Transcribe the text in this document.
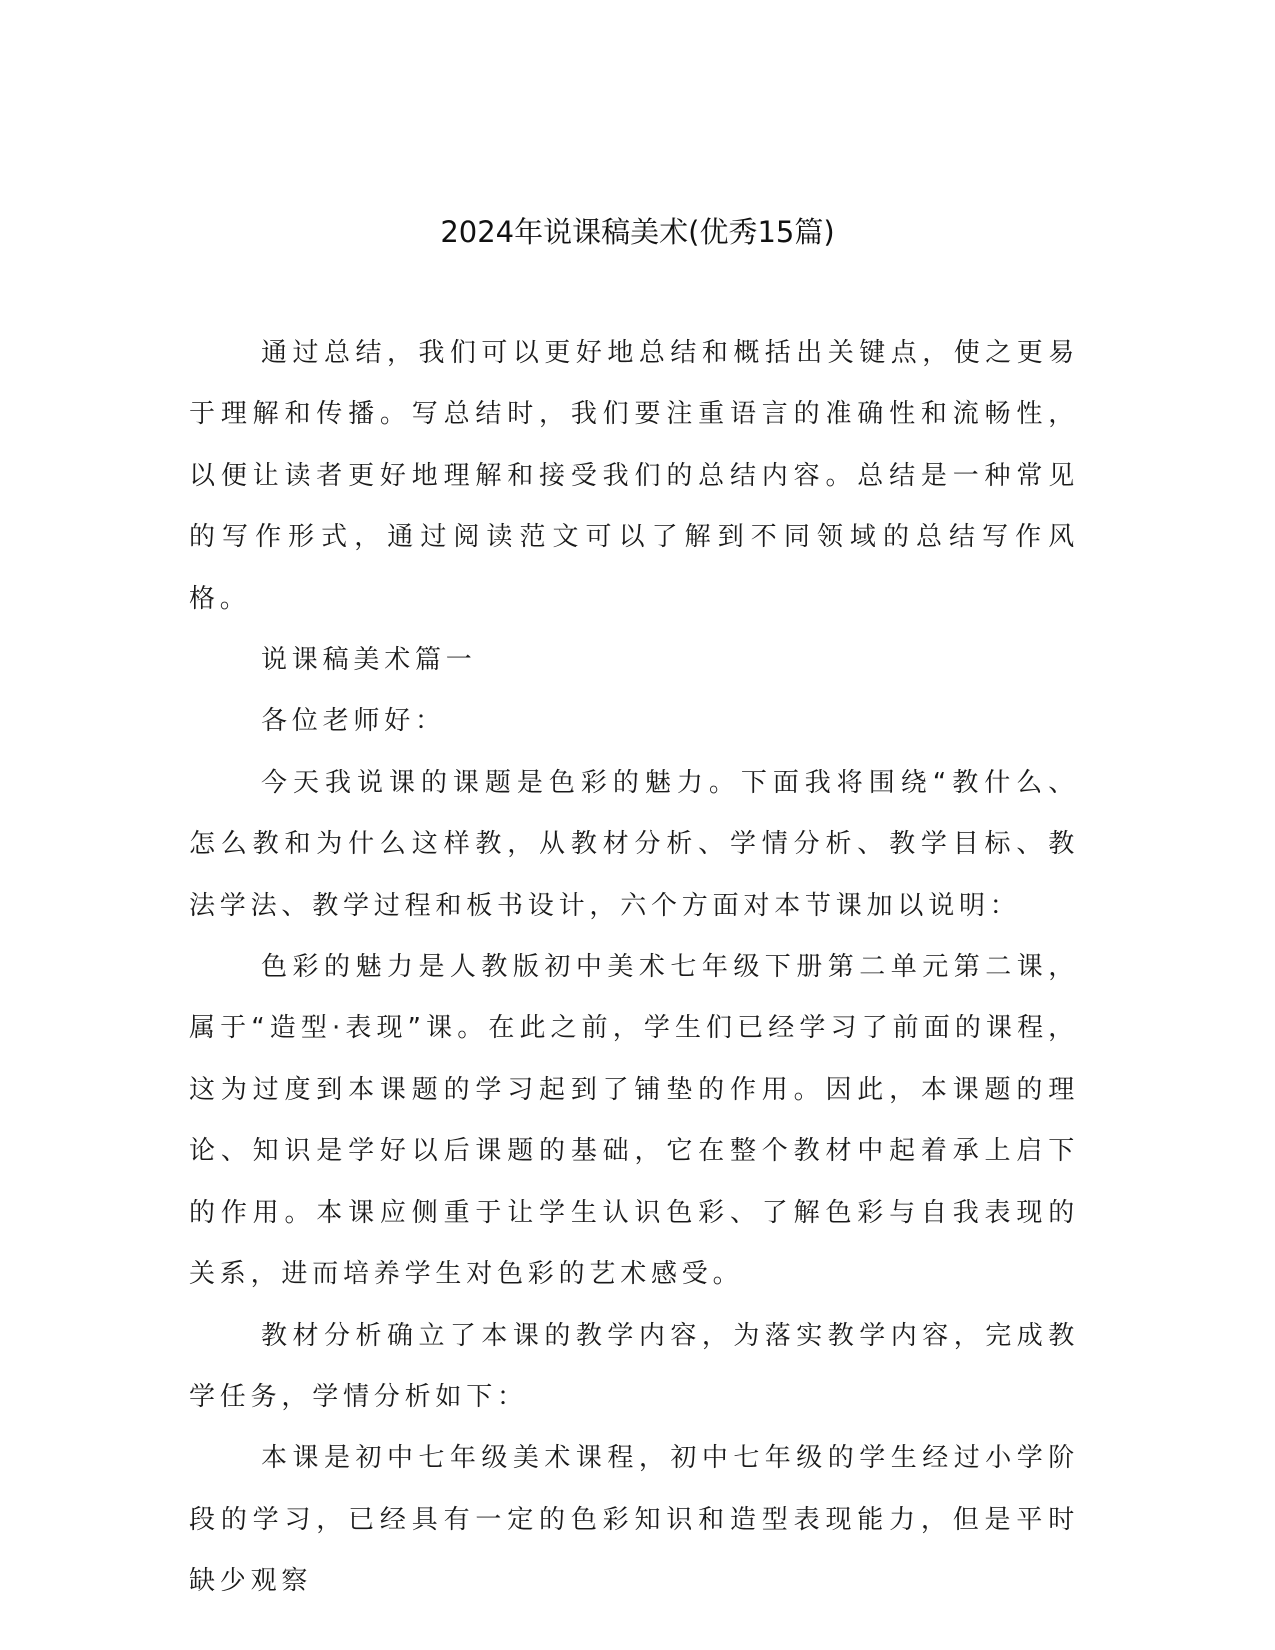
2024年说课稿美术(优秀15篇)

通过总结，我们可以更好地总结和概括出关键点，使之更易于理解和传播。写总结时，我们要注重语言的准确性和流畅性，以便让读者更好地理解和接受我们的总结内容。总结是一种常见的写作形式，通过阅读范文可以了解到不同领域的总结写作风格。

说课稿美术篇一

各位老师好：

今天我说课的课题是色彩的魅力。下面我将围绕“教什么、怎么教和为什么这样教，从教材分析、学情分析、教学目标、教法学法、教学过程和板书设计，六个方面对本节课加以说明：

色彩的魅力是人教版初中美术七年级下册第二单元第二课，属于“造型·表现”课。在此之前，学生们已经学习了前面的课程，这为过度到本课题的学习起到了铺垫的作用。因此，本课题的理论、知识是学好以后课题的基础，它在整个教材中起着承上启下的作用。本课应侧重于让学生认识色彩、了解色彩与自我表现的关系，进而培养学生对色彩的艺术感受。

教材分析确立了本课的教学内容，为落实教学内容，完成教学任务，学情分析如下：

本课是初中七年级美术课程，初中七年级的学生经过小学阶段的学习，已经具有一定的色彩知识和造型表现能力，但是平时缺少观察
